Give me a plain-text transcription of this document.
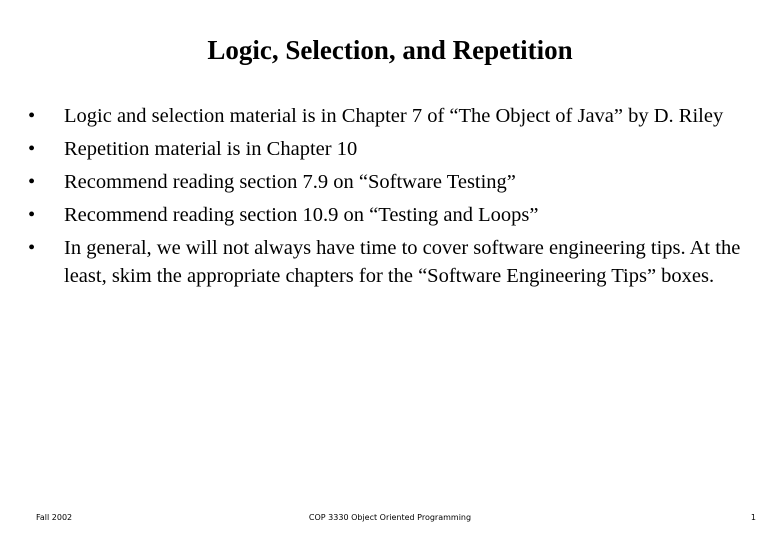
Logic, Selection, and Repetition
•	Logic and selection material is in Chapter 7 of “The Object of Java” by D. Riley
•	Repetition material is in Chapter 10
•	Recommend reading section 7.9 on “Software Testing”
•	Recommend reading section 10.9 on “Testing and Loops”
•	In general, we will not always have time to cover software engineering tips. At the least, skim the appropriate chapters for the “Software Engineering Tips” boxes.
Fall 2002	COP 3330 Object Oriented Programming	1
